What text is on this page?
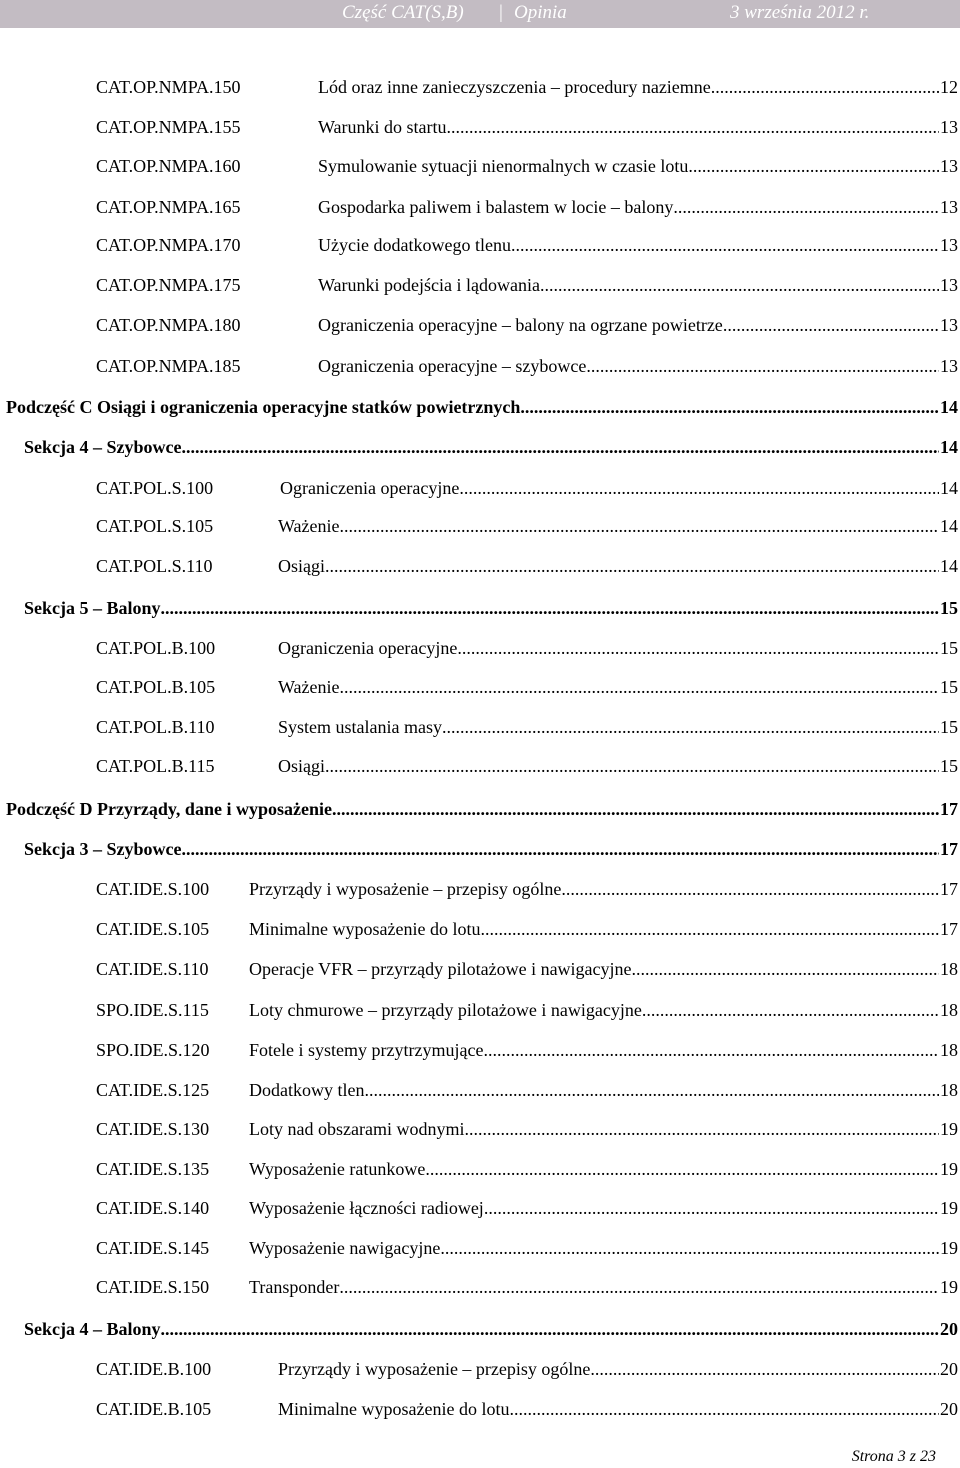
Część CAT(S,B) | Opinia	3 września 2012 r.
CAT.OP.NMPA.150	Lód oraz inne zanieczyszczenia – procedury naziemne .....	12
CAT.OP.NMPA.155	Warunki do startu .....	13
CAT.OP.NMPA.160	Symulowanie sytuacji nienormalnych w czasie lotu .....	13
CAT.OP.NMPA.165	Gospodarka paliwem i balastem w locie – balony .....	13
CAT.OP.NMPA.170	Użycie dodatkowego tlenu .....	13
CAT.OP.NMPA.175	Warunki podejścia i lądowania .....	13
CAT.OP.NMPA.180	Ograniczenia operacyjne – balony na ogrzane powietrze .....	13
CAT.OP.NMPA.185	Ograniczenia operacyjne – szybowce .....	13
Podczęść C Osiągi i ograniczenia operacyjne statków powietrznych .....	14
Sekcja 4 – Szybowce .....	14
CAT.POL.S.100	Ograniczenia operacyjne .....	14
CAT.POL.S.105	Ważenie .....	14
CAT.POL.S.110	Osiągi .....	14
Sekcja 5 – Balony .....	15
CAT.POL.B.100	Ograniczenia operacyjne .....	15
CAT.POL.B.105	Ważenie .....	15
CAT.POL.B.110	System ustalania masy .....	15
CAT.POL.B.115	Osiągi .....	15
Podczęść D Przyrządy, dane i wyposażenie .....	17
Sekcja 3 – Szybowce .....	17
CAT.IDE.S.100	Przyrządy i wyposażenie – przepisy ogólne .....	17
CAT.IDE.S.105	Minimalne wyposażenie do lotu .....	17
CAT.IDE.S.110	Operacje VFR – przyrządy pilotażowe i nawigacyjne .....	18
SPO.IDE.S.115	Loty chmurowe – przyrządy pilotażowe i nawigacyjne .....	18
SPO.IDE.S.120	Fotele i systemy przytrzymujące .....	18
CAT.IDE.S.125	Dodatkowy tlen .....	18
CAT.IDE.S.130	Loty nad obszarami wodnymi .....	19
CAT.IDE.S.135	Wyposażenie ratunkowe .....	19
CAT.IDE.S.140	Wyposażenie łączności radiowej .....	19
CAT.IDE.S.145	Wyposażenie nawigacyjne .....	19
CAT.IDE.S.150	Transponder .....	19
Sekcja 4 – Balony .....	20
CAT.IDE.B.100	Przyrządy i wyposażenie – przepisy ogólne .....	20
CAT.IDE.B.105	Minimalne wyposażenie do lotu .....	20
Strona 3 z 23
